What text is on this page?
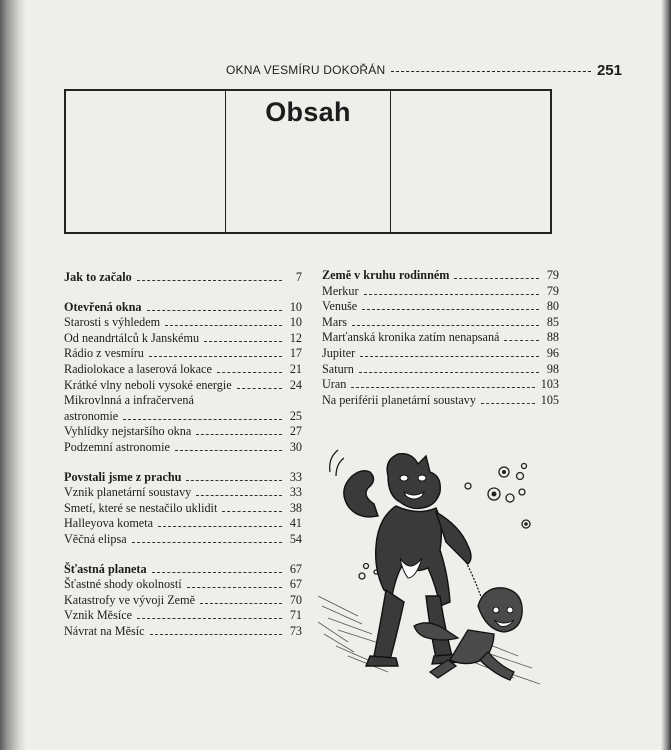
OKNA VESMÍRU DOKOŘÁN	251
Obsah
Jak to začalo	7
Otevřená okna	10
Starosti s výhledem	10
Od neandrtálců k Janskému	12
Rádio z vesmíru	17
Radiolokace a laserová lokace	21
Krátké vlny neboli vysoké energie	24
Mikrovlnná a infračervená
astronomie	25
Vyhlídky nejstaršího okna	27
Podzemní astronomie	30
Povstali jsme z prachu	33
Vznik planetární soustavy	33
Smetí, které se nestačilo uklidit	38
Halleyova kometa	41
Věčná elipsa	54
Šťastná planeta	67
Šťastné shody okolností	67
Katastrofy ve vývoji Země	70
Vznik Měsíce	71
Návrat na Měsíc	73
Země v kruhu rodinném	79
Merkur	79
Venuše	80
Mars	85
Marťanská kronika zatím nenapsaná	88
Jupiter	96
Saturn	98
Uran	103
Na periférii planetární soustavy	105
